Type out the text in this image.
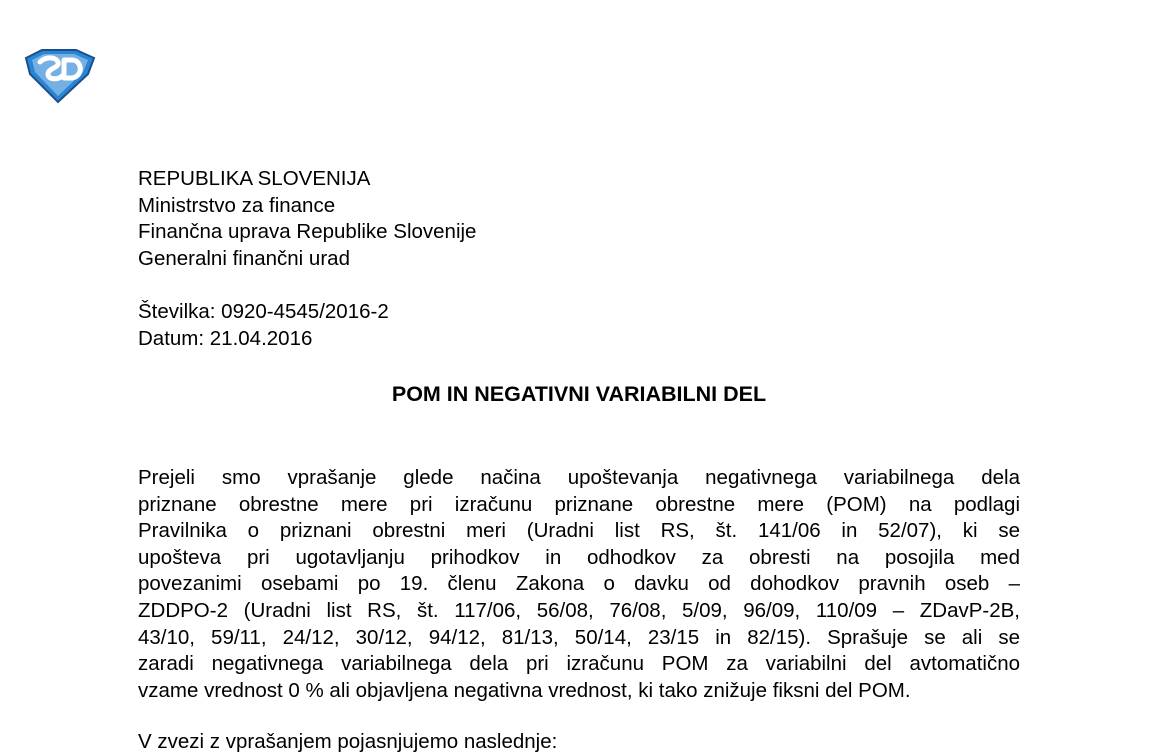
REPUBLIKA SLOVENIJA
Ministrstvo za finance
Finančna uprava Republike Slovenije
Generalni finančni urad
Številka: 0920-4545/2016-2
Datum: 21.04.2016
POM IN NEGATIVNI VARIABILNI DEL
Prejeli smo vprašanje glede načina upoštevanja negativnega variabilnega dela
priznane obrestne mere pri izračunu priznane obrestne mere (POM) na podlagi
Pravilnika o priznani obrestni meri (Uradni list RS, št. 141/06 in 52/07), ki se
upošteva pri ugotavljanju prihodkov in odhodkov za obresti na posojila med
povezanimi osebami po 19. členu Zakona o davku od dohodkov pravnih oseb –
ZDDPO-2 (Uradni list RS, št. 117/06, 56/08, 76/08, 5/09, 96/09, 110/09 – ZDavP-2B,
43/10, 59/11, 24/12, 30/12, 94/12, 81/13, 50/14, 23/15 in 82/15). Sprašuje se ali se
zaradi negativnega variabilnega dela pri izračunu POM za variabilni del avtomatično
vzame vrednost 0 % ali objavljena negativna vrednost, ki tako znižuje fiksni del POM.
V zvezi z vprašanjem pojasnjujemo naslednje:
